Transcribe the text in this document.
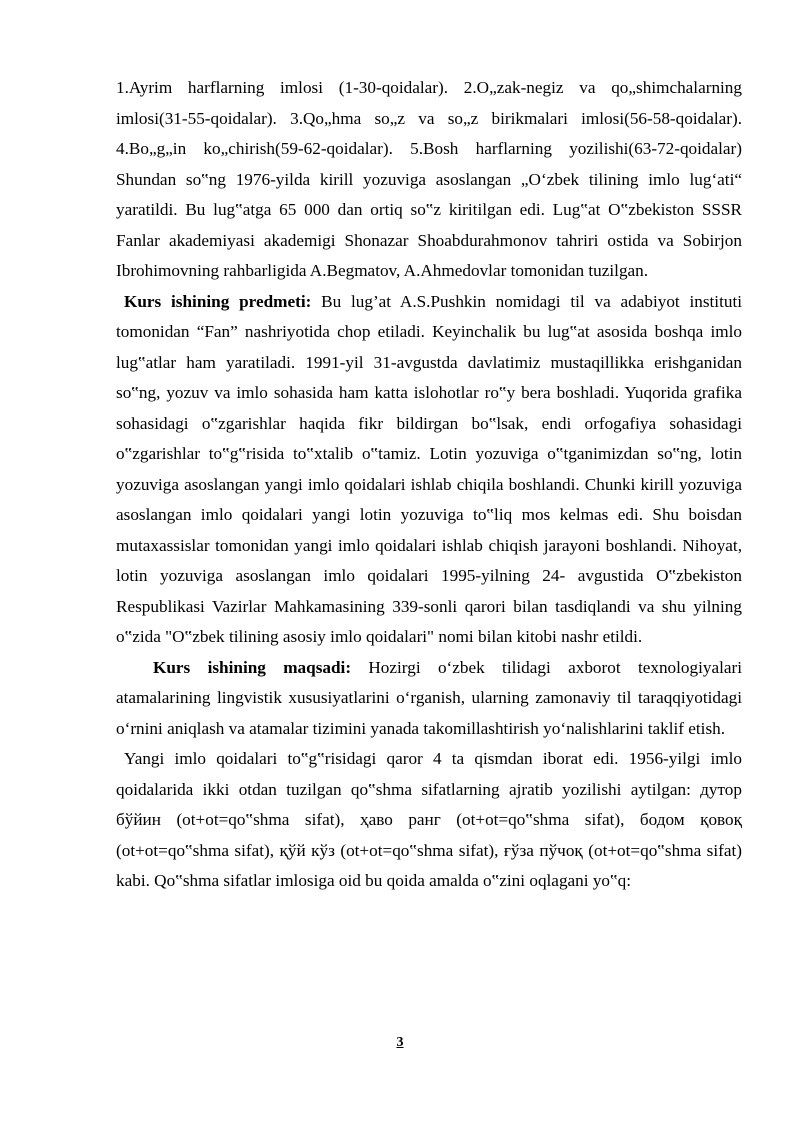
1.Ayrim harflarning imlosi (1-30-qoidalar). 2.O„zak-negiz va qo„shimchalarning imlosi(31-55-qoidalar). 3.Qo„hma so„z va so„z birikmalari imlosi(56-58-qoidalar). 4.Bo„g„in ko„chirish(59-62-qoidalar). 5.Bosh harflarning yozilishi(63-72-qoidalar) Shundan so‟ng 1976-yilda kirill yozuviga asoslangan „O‘zbek tilining imlo lug‘ati“ yaratildi. Bu lug‟atga 65 000 dan ortiq so‟z kiritilgan edi. Lug‟at O‟zbekiston SSSR Fanlar akademiyasi akademigi Shonazar Shoabdurahmonov tahriri ostida va Sobirjon Ibrohimovning rahbarligida A.Begmatov, A.Ahmedovlar tomonidan tuzilgan.

Kurs ishining predmeti: Bu lug’at A.S.Pushkin nomidagi til va adabiyot instituti tomonidan “Fan” nashriyotida chop etiladi. Keyinchalik bu lug‟at asosida boshqa imlo lug‟atlar ham yaratiladi. 1991-yil 31-avgustda davlatimiz mustaqillikka erishganidan so‟ng, yozuv va imlo sohasida ham katta islohotlar ro‟y bera boshladi. Yuqorida grafika sohasidagi o‟zgarishlar haqida fikr bildirgan bo‟lsak, endi orfogafiya sohasidagi o‟zgarishlar to‟g‟risida to‟xtalib o‟tamiz. Lotin yozuviga o‟tganimizdan so‟ng, lotin yozuviga asoslangan yangi imlo qoidalari ishlab chiqila boshlandi. Chunki kirill yozuviga asoslangan imlo qoidalari yangi lotin yozuviga to‟liq mos kelmas edi. Shu boisdan mutaxassislar tomonidan yangi imlo qoidalari ishlab chiqish jarayoni boshlandi. Nihoyat, lotin yozuviga asoslangan imlo qoidalari 1995-yilning 24- avgustida O‟zbekiston Respublikasi Vazirlar Mahkamasining 339-sonli qarori bilan tasdiqlandi va shu yilning o‟zida "O‟zbek tilining asosiy imlo qoidalari" nomi bilan kitobi nashr etildi.

Kurs ishining maqsadi: Hozirgi o‘zbek tilidagi axborot texnologiyalari atamalarining lingvistik xususiyatlarini o‘rganish, ularning zamonaviy til taraqqiyotidagi o‘rnini aniqlash va atamalar tizimini yanada takomillashtirish yo‘nalishlarini taklif etish.

Yangi imlo qoidalari to‟g‟risidagi qaror 4 ta qismdan iborat edi. 1956-yilgi imlo qoidalarida ikki otdan tuzilgan qo‟shma sifatlarning ajratib yozilishi aytilgan: дутор бўйин (ot+ot=qo‟shma sifat), ҳаво ранг (ot+ot=qo‟shma sifat), бодом қовоқ (ot+ot=qo‟shma sifat), қўй кўз (ot+ot=qo‟shma sifat), ғўза пўчоқ (ot+ot=qo‟shma sifat) kabi. Qo‟shma sifatlar imlosiga oid bu qoida amalda o‟zini oqlagani yo‟q:

3
